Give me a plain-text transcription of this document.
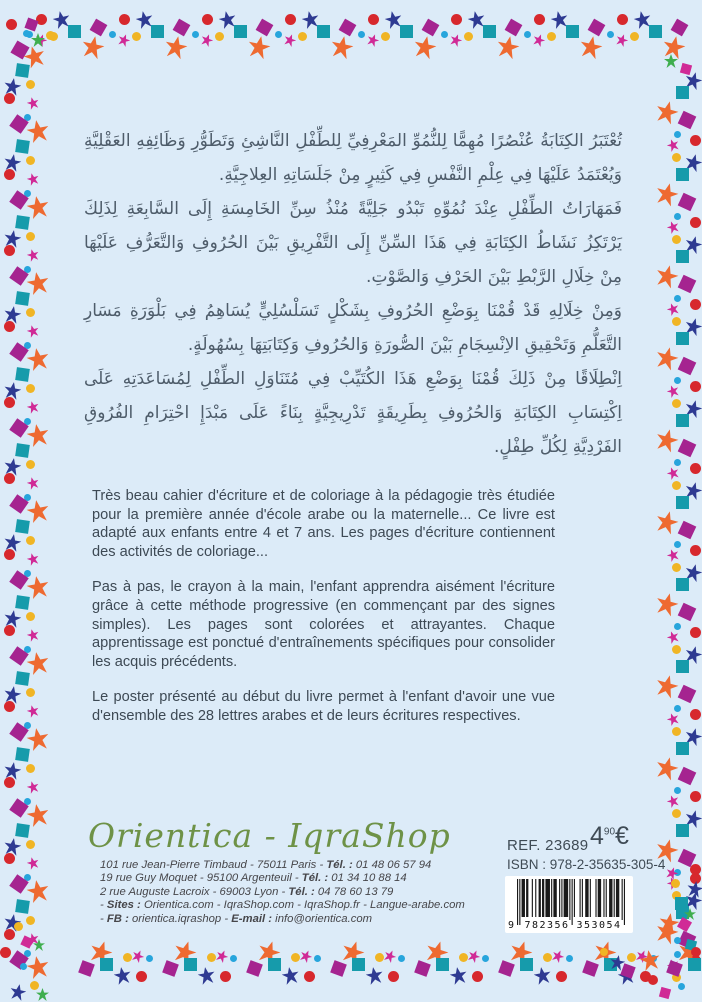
تُعْتَبَرُ الكِتَابَةُ عُنْصُرًا مُهِمًّا لِلنُّمُوِّ المَعْرِفِيِّ لِلطِّفْلِ النَّاشِئِ وَتَطَوُّرِ وَظَائِفِهِ العَقْلِيَّةِ وَيُعْتَمَدُ عَلَيْهَا فِي عِلْمِ النَّفْسِ فِي كَثِيرٍ مِنْ جَلَسَاتِهِ العِلاجِيَّةِ.

فَمَهَارَاتُ الطِّفْلِ عِنْدَ نُمُوِّهِ تَبْدُو جَلِيَّةً مُنْذُ سِنِّ الخَامِسَةِ إِلَى السَّابِعَةِ لِذَلِكَ يَرْتَكِزُ نَشَاطُ الكِتَابَةِ فِي هَذَا السِّنِّ إِلَى التَّفْرِيقِ بَيْنَ الحُرُوفِ وَالتَّعَرُّفِ عَلَيْهَا مِنْ خِلَالِ الرَّبْطِ بَيْنَ الحَرْفِ وَالصَّوْتِ.

وَمِنْ خِلَالِهِ قَدْ قُمْنَا بِوَضْعِ الحُرُوفِ بِشَكْلٍ تَسَلْسُلِيٍّ يُسَاهِمُ فِي بَلْوَرَةِ مَسَارِ التَّعَلُّمِ وَتَحْقِيقِ الاِنْسِجَامِ بَيْنَ الصُّورَةِ وَالحُرُوفِ وَكِتَابَتِهَا بِسُهُولَةٍ.

اِنْطِلَاقًا مِنْ ذَلِكَ قُمْنَا بِوَضْعِ هَذَا الكُتَيِّبْ فِي مُتَنَاوَلِ الطِّفْلِ لِمُسَاعَدَتِهِ عَلَى اِكْتِسَابِ الكِتَابَةِ وَالحُرُوفِ بِطَرِيقَةٍ تَدْرِيجِيَّةٍ بِنَاءً عَلَى مَبْدَإِ احْتِرَامِ الفُرُوقِ الفَرْدِيَّةِ لِكُلِّ طِفْلٍ.

Très beau cahier d'écriture et de coloriage à la pédagogie très étudiée pour la première année d'école arabe ou la maternelle... Ce livre est adapté aux enfants entre 4 et 7 ans. Les pages d'écriture contiennent des activités de coloriage...

Pas à pas, le crayon à la main, l'enfant apprendra aisément l'écriture grâce à cette méthode progressive (en commençant par des signes simples). Les pages sont colorées et attrayantes. Chaque apprentissage est ponctué d'entraînements spécifiques pour consolider les acquis précédents.

Le poster présenté au début du livre permet à l'enfant d'avoir une vue d'ensemble des 28 lettres arabes et de leurs écritures respectives.

Orientica - IqraShop
101 rue Jean-Pierre Timbaud - 75011 Paris - Tél. : 01 48 06 57 94
19 rue Guy Moquet - 95100 Argenteuil - Tél. : 01 34 10 88 14
2 rue Auguste Lacroix - 69003 Lyon - Tél. : 04 78 60 13 79
- Sites : Orientica.com - IqraShop.com - IqraShop.fr - Langue-arabe.com
- FB : orientica.iqrashop - E-mail : info@orientica.com
REF. 23689 $4^{90}€$
ISBN : 978-2-35635-305-4
9 782356 353054
